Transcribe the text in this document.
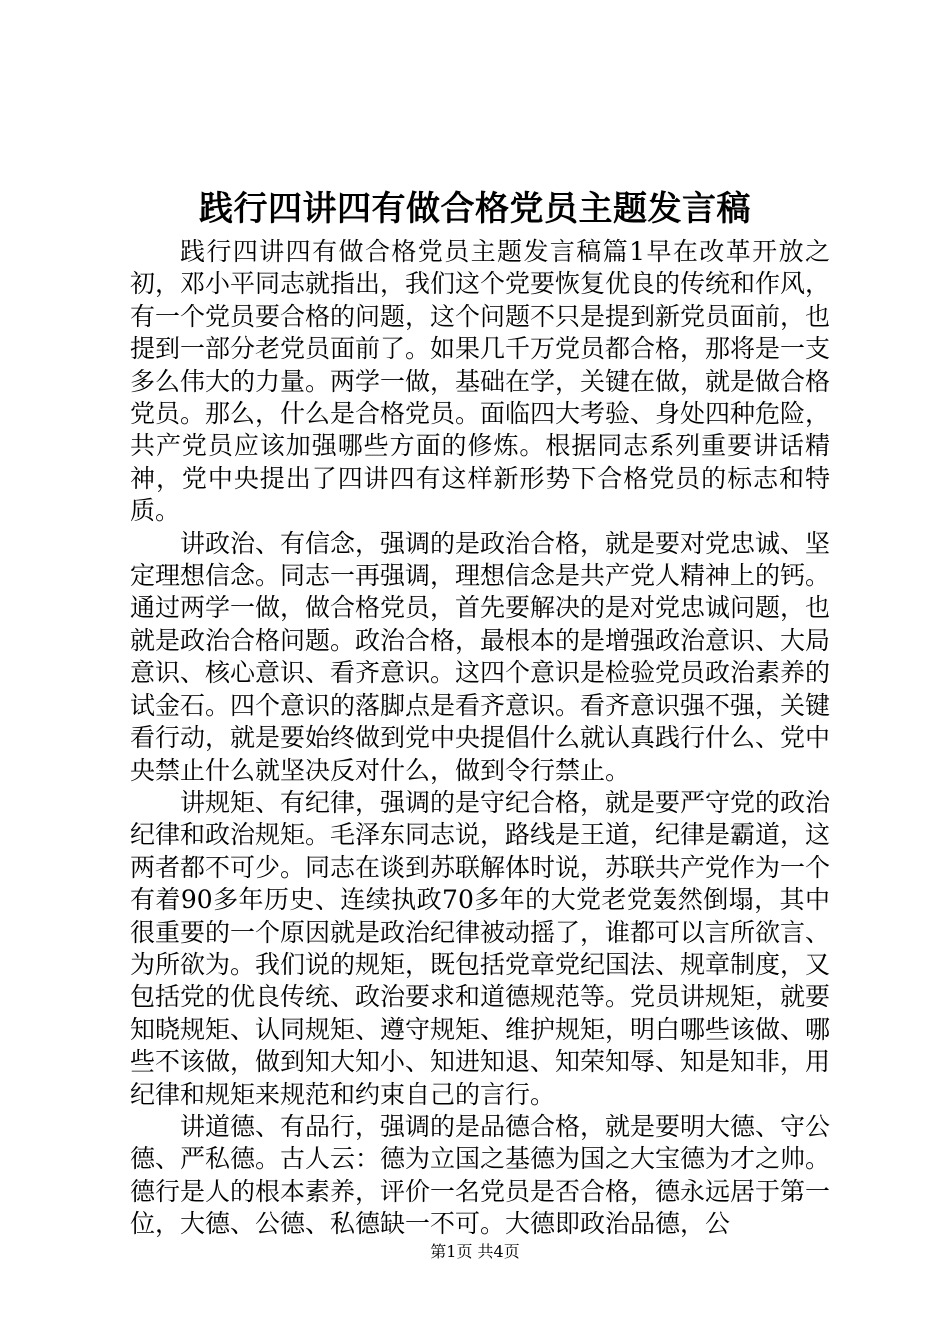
践行四讲四有做合格党员主题发言稿

践行四讲四有做合格党员主题发言稿篇1早在改革开放之初，邓小平同志就指出，我们这个党要恢复优良的传统和作风，有一个党员要合格的问题，这个问题不只是提到新党员面前，也提到一部分老党员面前了。如果几千万党员都合格，那将是一支多么伟大的力量。两学一做，基础在学，关键在做，就是做合格党员。那么，什么是合格党员。面临四大考验、身处四种危险，共产党员应该加强哪些方面的修炼。根据同志系列重要讲话精神，党中央提出了四讲四有这样新形势下合格党员的标志和特质。

讲政治、有信念，强调的是政治合格，就是要对党忠诚、坚定理想信念。同志一再强调，理想信念是共产党人精神上的钙。通过两学一做，做合格党员，首先要解决的是对党忠诚问题，也就是政治合格问题。政治合格，最根本的是增强政治意识、大局意识、核心意识、看齐意识。这四个意识是检验党员政治素养的试金石。四个意识的落脚点是看齐意识。看齐意识强不强，关键看行动，就是要始终做到党中央提倡什么就认真践行什么、党中央禁止什么就坚决反对什么，做到令行禁止。

讲规矩、有纪律，强调的是守纪合格，就是要严守党的政治纪律和政治规矩。毛泽东同志说，路线是王道，纪律是霸道，这两者都不可少。同志在谈到苏联解体时说，苏联共产党作为一个有着90多年历史、连续执政70多年的大党老党轰然倒塌，其中很重要的一个原因就是政治纪律被动摇了，谁都可以言所欲言、为所欲为。我们说的规矩，既包括党章党纪国法、规章制度，又包括党的优良传统、政治要求和道德规范等。党员讲规矩，就要知晓规矩、认同规矩、遵守规矩、维护规矩，明白哪些该做、哪些不该做，做到知大知小、知进知退、知荣知辱、知是知非，用纪律和规矩来规范和约束自己的言行。

讲道德、有品行，强调的是品德合格，就是要明大德、守公德、严私德。古人云：德为立国之基德为国之大宝德为才之帅。德行是人的根本素养，评价一名党员是否合格，德永远居于第一位，大德、公德、私德缺一不可。大德即政治品德，公

第1页 共4页
